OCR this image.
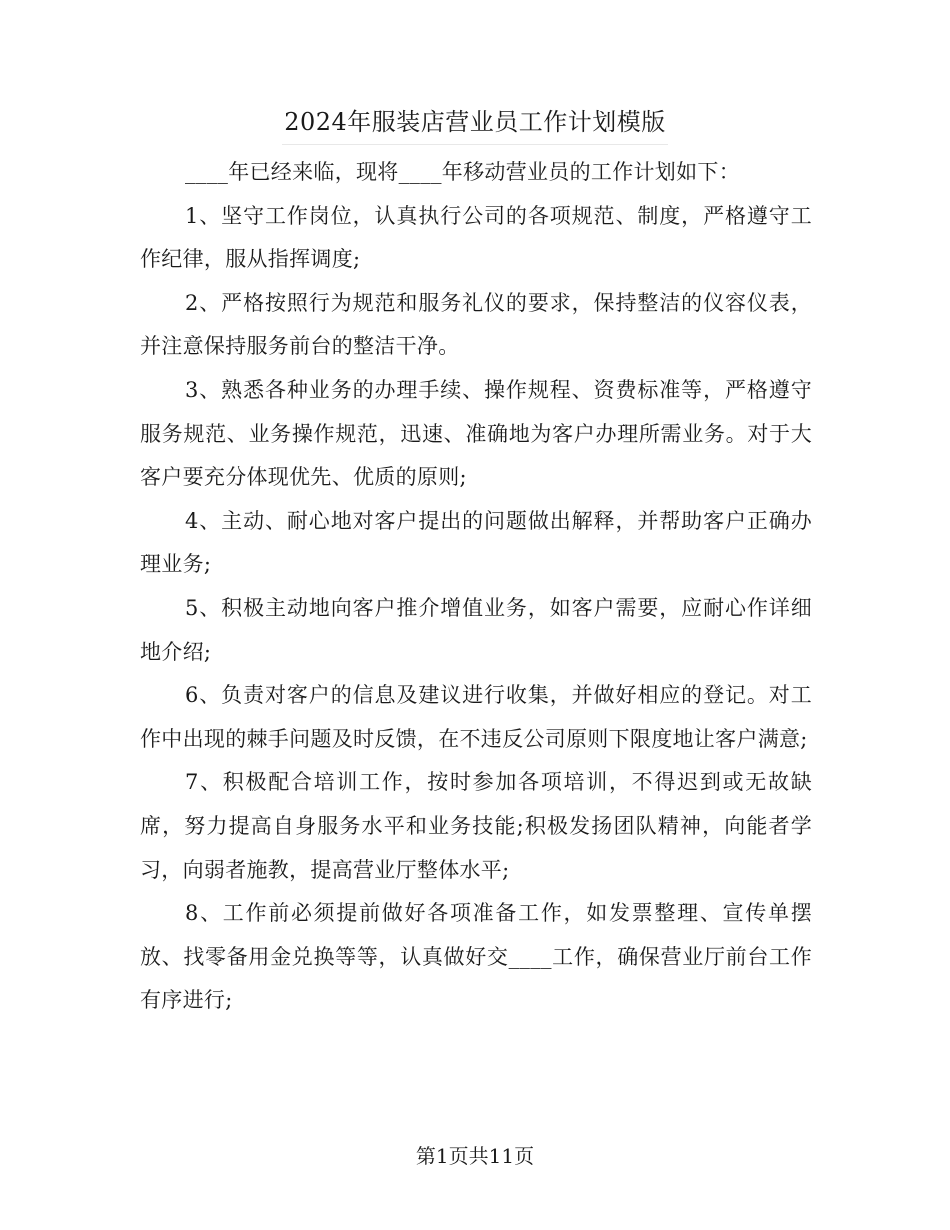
2024年服装店营业员工作计划模版

____年已经来临，现将____年移动营业员的工作计划如下：

1、坚守工作岗位，认真执行公司的各项规范、制度，严格遵守工作纪律，服从指挥调度;

2、严格按照行为规范和服务礼仪的要求，保持整洁的仪容仪表，并注意保持服务前台的整洁干净。

3、熟悉各种业务的办理手续、操作规程、资费标准等，严格遵守服务规范、业务操作规范，迅速、准确地为客户办理所需业务。对于大客户要充分体现优先、优质的原则;

4、主动、耐心地对客户提出的问题做出解释，并帮助客户正确办理业务;

5、积极主动地向客户推介增值业务，如客户需要，应耐心作详细地介绍;

6、负责对客户的信息及建议进行收集，并做好相应的登记。对工作中出现的棘手问题及时反馈，在不违反公司原则下限度地让客户满意;

7、积极配合培训工作，按时参加各项培训，不得迟到或无故缺席，努力提高自身服务水平和业务技能;积极发扬团队精神，向能者学习，向弱者施教，提高营业厅整体水平;

8、工作前必须提前做好各项准备工作，如发票整理、宣传单摆放、找零备用金兑换等等，认真做好交____工作，确保营业厅前台工作有序进行;

第1页共11页
